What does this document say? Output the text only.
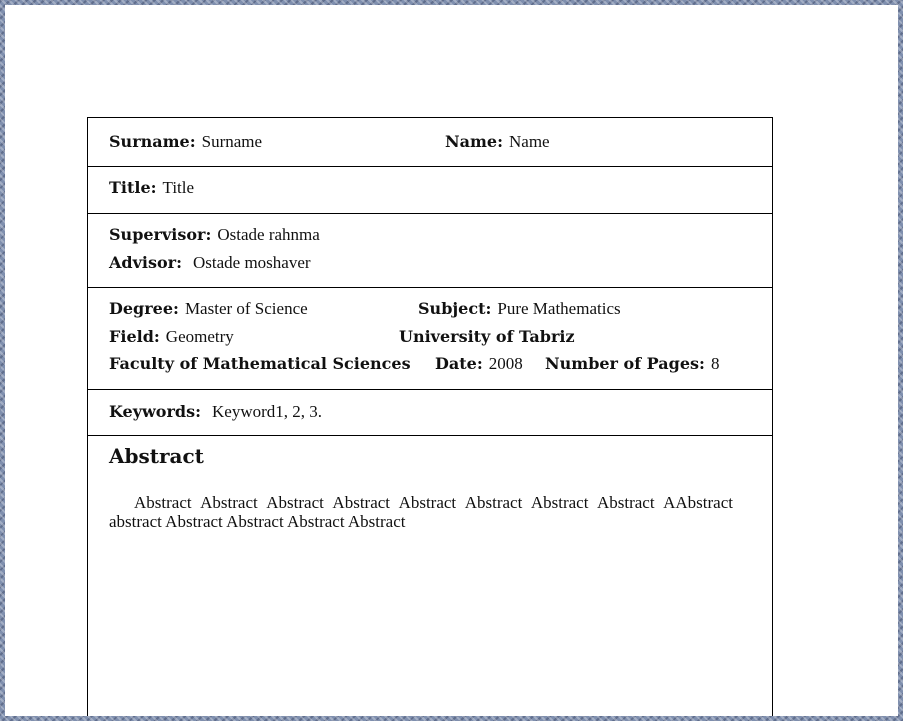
Surname: Surname	Name: Name
Title: Title
Supervisor: Ostade rahnma
Advisor: Ostade moshaver
Degree: Master of Science	Subject: Pure Mathematics
Field: Geometry	University of Tabriz
Faculty of Mathematical Sciences Date: 2008 Number of Pages: 8
Keywords: Keyword1, 2, 3.
Abstract
Abstract Abstract Abstract Abstract Abstract Abstract Abstract Abstract AAbstract abstract Abstract Abstract Abstract Abstract
